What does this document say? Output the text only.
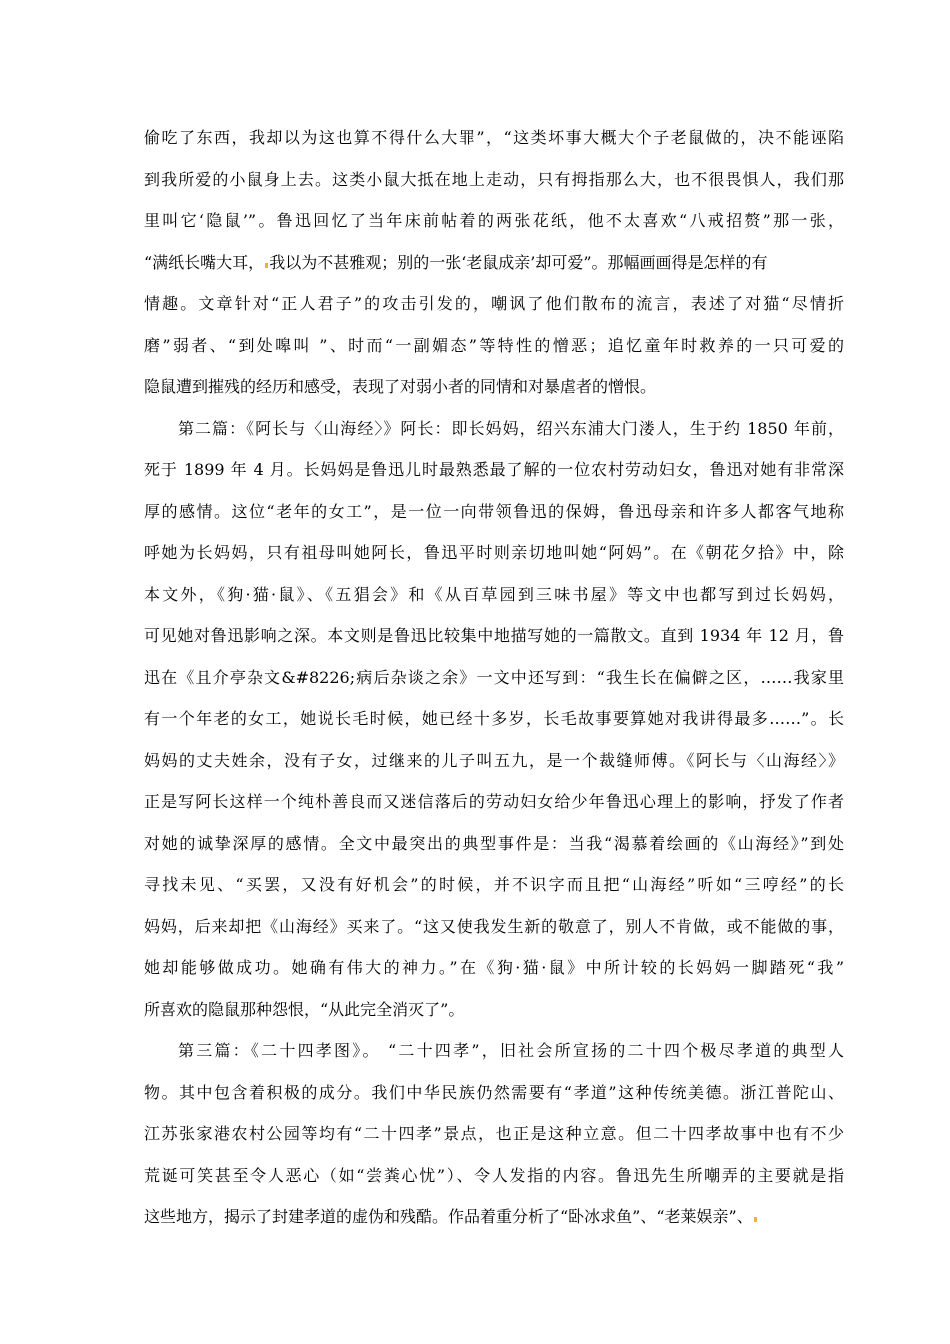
偷吃了东西，我却以为这也算不得什么大罪”，“这类坏事大概大个子老鼠做的，决不能诬陷
到我所爱的小鼠身上去。这类小鼠大抵在地上走动，只有拇指那么大，也不很畏惧人，我们那
里叫它‘隐鼠’”。鲁迅回忆了当年床前帖着的两张花纸，他不太喜欢“八戒招赘”那一张，
“满纸长嘴大耳， 我以为不甚雅观；别的一张‘老鼠成亲’却可爱”。那幅画画得是怎样的有
情趣。文章针对“正人君子”的攻击引发的，嘲讽了他们散布的流言，表述了对猫“尽情折
磨”弱者、“到处嗥叫 ”、时而“一副媚态”等特性的憎恶；追忆童年时救养的一只可爱的
隐鼠遭到摧残的经历和感受，表现了对弱小者的同情和对暴虐者的憎恨。
第二篇：《阿长与〈山海经〉》阿长：即长妈妈，绍兴东浦大门溇人，生于约 1850 年前，
死于 1899 年 4 月。长妈妈是鲁迅儿时最熟悉最了解的一位农村劳动妇女，鲁迅对她有非常深
厚的感情。这位“老年的女工”，是一位一向带领鲁迅的保姆，鲁迅母亲和许多人都客气地称
呼她为长妈妈，只有祖母叫她阿长，鲁迅平时则亲切地叫她“阿妈”。在《朝花夕拾》中，除
本文外，《狗·猫·鼠》、《五猖会》和《从百草园到三味书屋》等文中也都写到过长妈妈，
可见她对鲁迅影响之深。本文则是鲁迅比较集中地描写她的一篇散文。直到 1934 年 12 月，鲁
迅在《且介亭杂文&#8226;病后杂谈之余》一文中还写到：“我生长在偏僻之区，……我家里
有一个年老的女工，她说长毛时候，她已经十多岁，长毛故事要算她对我讲得最多……”。长
妈妈的丈夫姓余，没有子女，过继来的儿子叫五九，是一个裁缝师傅。《阿长与〈山海经〉》
正是写阿长这样一个纯朴善良而又迷信落后的劳动妇女给少年鲁迅心理上的影响，抒发了作者
对她的诚挚深厚的感情。全文中最突出的典型事件是：当我“渴慕着绘画的《山海经》”到处
寻找未见、“买罢，又没有好机会”的时候，并不识字而且把“山海经”听如“三哼经”的长
妈妈，后来却把《山海经》买来了。“这又使我发生新的敬意了，别人不肯做，或不能做的事，
她却能够做成功。她确有伟大的神力。”在《狗·猫·鼠》中所计较的长妈妈一脚踏死“我”
所喜欢的隐鼠那种怨恨，“从此完全消灭了”。
第三篇：《二十四孝图》。 “二十四孝”，旧社会所宣扬的二十四个极尽孝道的典型人
物。其中包含着积极的成分。我们中华民族仍然需要有“孝道”这种传统美德。浙江普陀山、
江苏张家港农村公园等均有“二十四孝”景点，也正是这种立意。但二十四孝故事中也有不少
荒诞可笑甚至令人恶心（如“尝粪心忧”）、令人发指的内容。鲁迅先生所嘲弄的主要就是指
这些地方，揭示了封建孝道的虚伪和残酷。作品着重分析了“卧冰求鱼”、“老莱娱亲”、
